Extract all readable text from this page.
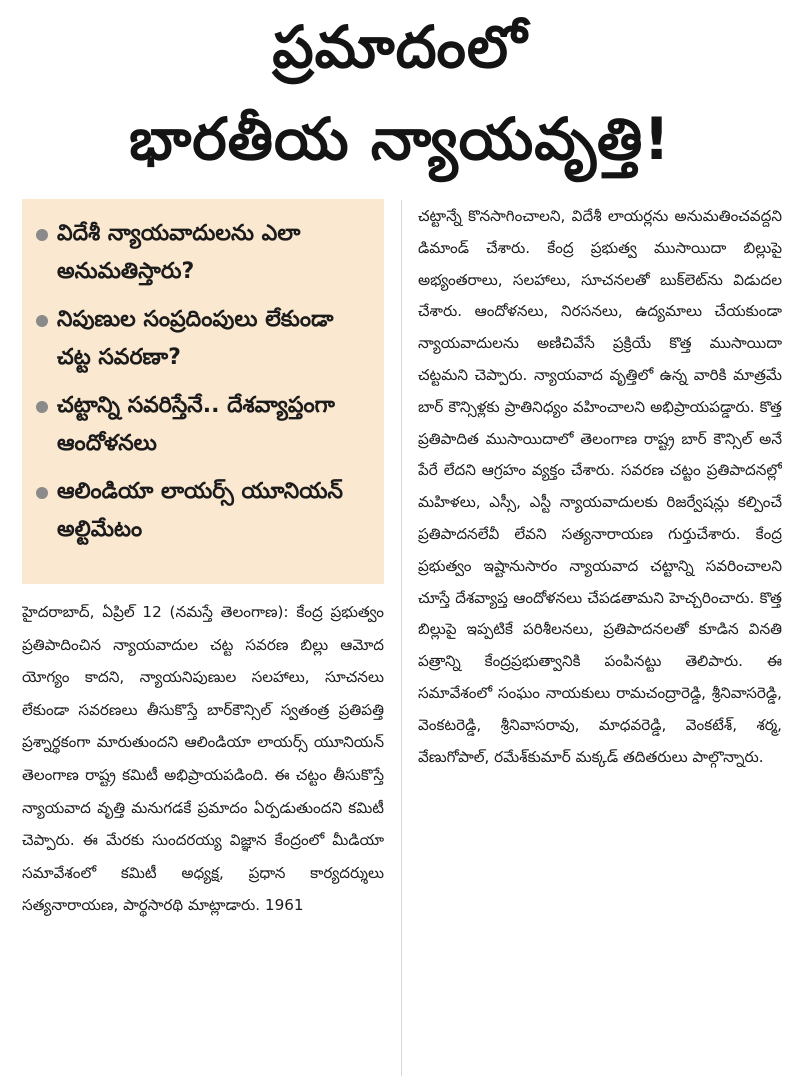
ప్రమాదంలో
భారతీయ న్యాయవృత్తి!
విదేశీ న్యాయవాదులను ఎలా అనుమతిస్తారు?
నిపుణుల సంప్రదింపులు లేకుండా చట్ట సవరణా?
చట్టాన్ని సవరిస్తేనే.. దేశవ్యాప్తంగా ఆందోళనలు
ఆలిండియా లాయర్స్ యూనియన్ అల్టిమేటం
హైదరాబాద్, ఏప్రిల్ 12 (నమస్తే తెలంగాణ): కేంద్ర ప్రభుత్వం ప్రతిపాదించిన న్యాయవాదుల చట్ట సవరణ బిల్లు ఆమోద యోగ్యం కాదని, న్యాయనిపుణుల సలహాలు, సూచనలు లేకుండా సవరణలు తీసుకొస్తే బార్‌కౌన్సిల్ స్వతంత్ర ప్రతిపత్తి ప్రశ్నార్థకంగా మారుతుందని ఆలిండియా లాయర్స్ యూనియన్ తెలంగాణ రాష్ట్ర కమిటీ అభిప్రాయపడింది. ఈ చట్టం తీసుకొస్తే న్యాయవాద వృత్తి మనుగడకే ప్రమాదం ఏర్పడుతుందని కమిటీ చెప్పారు. ఈ మేరకు సుందరయ్య విజ్ఞాన కేంద్రంలో మీడియా సమావేశంలో కమిటీ అధ్యక్ష, ప్రధాన కార్యదర్శులు సత్యనారాయణ, పార్థసారథి మాట్లాడారు. 1961
చట్టాన్నే కొనసాగించాలని, విదేశీ లాయర్లను అనుమతించవద్దని డిమాండ్ చేశారు. కేంద్ర ప్రభుత్వ ముసాయిదా బిల్లుపై అభ్యంతరాలు, సలహాలు, సూచనలతో బుక్‌లెట్‌ను విడుదల చేశారు. ఆందోళనలు, నిరసనలు, ఉద్యమాలు చేయకుండా న్యాయవాదులను అణిచివేసే ప్రక్రియే కొత్త ముసాయిదా చట్టమని చెప్పారు. న్యాయవాద వృత్తిలో ఉన్న వారికి మాత్రమే బార్ కౌన్సిళ్లకు ప్రాతినిధ్యం వహించాలని అభిప్రాయపడ్డారు. కొత్త ప్రతిపాదిత ముసాయిదాలో తెలంగాణ రాష్ట్ర బార్ కౌన్సిల్ అనే పేరే లేదని ఆగ్రహం వ్యక్తం చేశారు. సవరణ చట్టం ప్రతిపాదనల్లో మహిళలు, ఎస్సీ, ఎస్టీ న్యాయవాదులకు రిజర్వేషన్లు కల్పించే ప్రతిపాదనలేవీ లేవని సత్యనారాయణ గుర్తుచేశారు. కేంద్ర ప్రభుత్వం ఇష్టానుసారం న్యాయవాద చట్టాన్ని సవరించాలని చూస్తే దేశవ్యాప్త ఆందోళనలు చేపడతామని హెచ్చరించారు. కొత్త బిల్లుపై ఇప్పటికే పరిశీలనలు, ప్రతిపాదనలతో కూడిన వినతి పత్రాన్ని కేంద్రప్రభుత్వానికి పంపినట్టు తెలిపారు. ఈ సమావేశంలో సంఘం నాయకులు రామచంద్రారెడ్డి, శ్రీనివాసరెడ్డి, వెంకటరెడ్డి, శ్రీనివాసరావు, మాధవరెడ్డి, వెంకటేశ్, శర్మ, వేణుగోపాల్, రమేశ్‌కుమార్ మక్కడ్ తదితరులు పాల్గొన్నారు.
